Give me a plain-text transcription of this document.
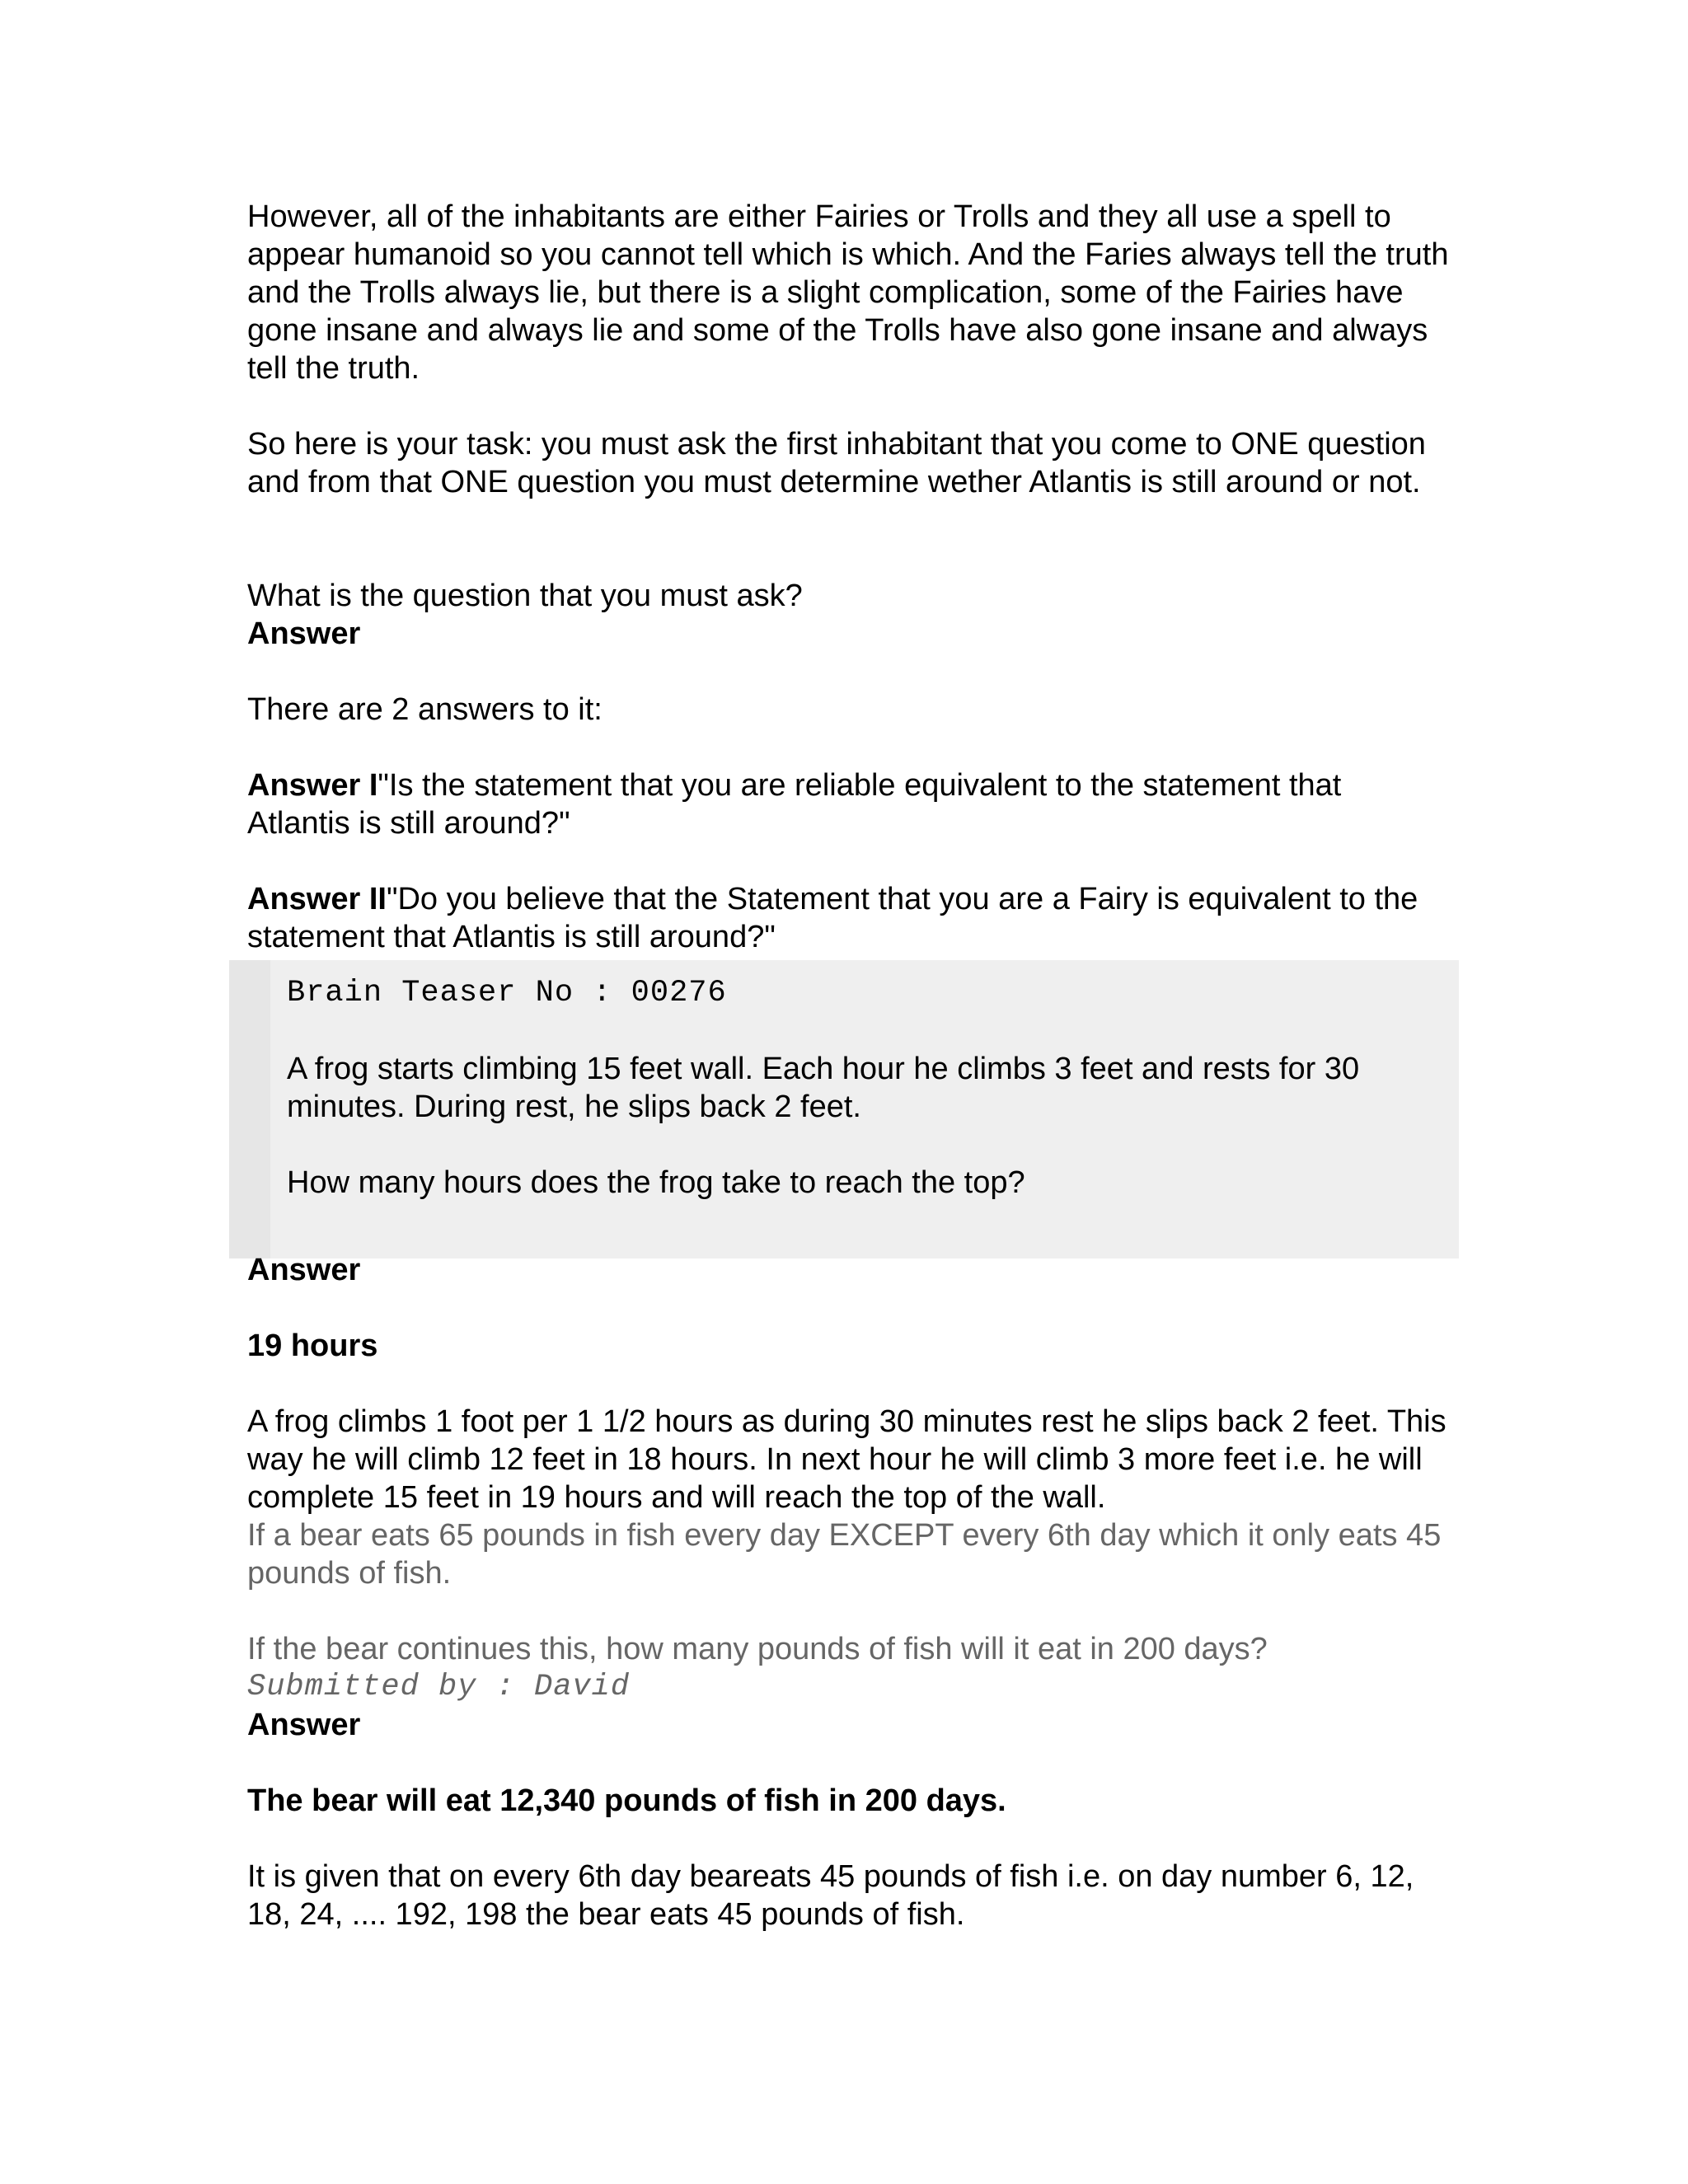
However, all of the inhabitants are either Fairies or Trolls and they all use a spell to appear humanoid so you cannot tell which is which. And the Faries always tell the truth and the Trolls always lie, but there is a slight complication, some of the Fairies have gone insane and always lie and some of the Trolls have also gone insane and always tell the truth.

So here is your task: you must ask the first inhabitant that you come to ONE question and from that ONE question you must determine wether Atlantis is still around or not.

What is the question that you must ask?

Answer

There are 2 answers to it:

Answer I"Is the statement that you are reliable equivalent to the statement that Atlantis is still around?"

Answer II"Do you believe that the Statement that you are a Fairy is equivalent to the statement that Atlantis is still around?"

Brain Teaser No : 00276

A frog starts climbing 15 feet wall. Each hour he climbs 3 feet and rests for 30 minutes. During rest, he slips back 2 feet.

How many hours does the frog take to reach the top?

Answer

19 hours

A frog climbs 1 foot per 1 1/2 hours as during 30 minutes rest he slips back 2 feet. This way he will climb 12 feet in 18 hours. In next hour he will climb 3 more feet i.e. he will complete 15 feet in 19 hours and will reach the top of the wall.

If a bear eats 65 pounds in fish every day EXCEPT every 6th day which it only eats 45 pounds of fish.

If the bear continues this, how many pounds of fish will it eat in 200 days?

Submitted by : David

Answer

The bear will eat 12,340 pounds of fish in 200 days.

It is given that on every 6th day beareats 45 pounds of fish i.e. on day number 6, 12, 18, 24, .... 192, 198 the bear eats 45 pounds of fish.
